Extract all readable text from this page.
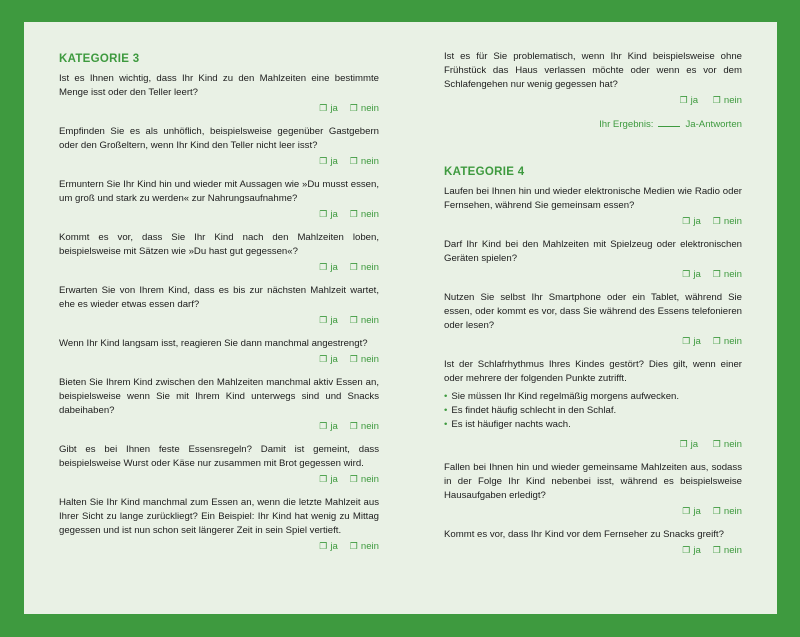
KATEGORIE 3

Ist es Ihnen wichtig, dass Ihr Kind zu den Mahlzeiten eine bestimmte Menge isst oder den Teller leert?

❐ ja ❐ nein

Empfinden Sie es als unhöflich, beispielsweise gegenüber Gastgebern oder den Großeltern, wenn Ihr Kind den Teller nicht leer isst?

❐ ja ❐ nein

Ermuntern Sie Ihr Kind hin und wieder mit Aussagen wie »Du musst essen, um groß und stark zu werden« zur Nahrungsaufnahme?

❐ ja ❐ nein

Kommt es vor, dass Sie Ihr Kind nach den Mahlzeiten loben, beispielsweise mit Sätzen wie »Du hast gut gegessen«?

❐ ja ❐ nein

Erwarten Sie von Ihrem Kind, dass es bis zur nächsten Mahlzeit wartet, ehe es wieder etwas essen darf?

❐ ja ❐ nein

Wenn Ihr Kind langsam isst, reagieren Sie dann manchmal angestrengt?

❐ ja ❐ nein

Bieten Sie Ihrem Kind zwischen den Mahlzeiten manchmal aktiv Essen an, beispielsweise wenn Sie mit Ihrem Kind unterwegs sind und Snacks dabeihaben?

❐ ja ❐ nein

Gibt es bei Ihnen feste Essensregeln? Damit ist gemeint, dass beispielsweise Wurst oder Käse nur zusammen mit Brot gegessen wird.

❐ ja ❐ nein

Halten Sie Ihr Kind manchmal zum Essen an, wenn die letzte Mahlzeit aus Ihrer Sicht zu lange zurückliegt? Ein Beispiel: Ihr Kind hat wenig zu Mittag gegessen und ist nun schon seit längerer Zeit in sein Spiel vertieft.

❐ ja ❐ nein

Ist es für Sie problematisch, wenn Ihr Kind beispielsweise ohne Frühstück das Haus verlassen möchte oder wenn es vor dem Schlafengehen nur wenig gegessen hat?

❐ ja ❐ nein
Ihr Ergebnis:	Ja-Antworten
KATEGORIE 4

Laufen bei Ihnen hin und wieder elektronische Medien wie Radio oder Fernsehen, während Sie gemeinsam essen?

❐ ja ❐ nein

Darf Ihr Kind bei den Mahlzeiten mit Spielzeug oder elektronischen Geräten spielen?

❐ ja ❐ nein

Nutzen Sie selbst Ihr Smartphone oder ein Tablet, während Sie essen, oder kommt es vor, dass Sie während des Essens telefonieren oder lesen?

❐ ja ❐ nein

Ist der Schlafrhythmus Ihres Kindes gestört? Dies gilt, wenn einer oder mehrere der folgenden Punkte zutrifft.

• Sie müssen Ihr Kind regelmäßig morgens aufwecken.
• Es findet häufig schlecht in den Schlaf.
• Es ist häufiger nachts wach.
❐ ja ❐ nein

Fallen bei Ihnen hin und wieder gemeinsame Mahlzeiten aus, sodass in der Folge Ihr Kind nebenbei isst, während es beispielsweise Hausaufgaben erledigt?

❐ ja ❐ nein

Kommt es vor, dass Ihr Kind vor dem Fernseher zu Snacks greift?

❐ ja ❐ nein
